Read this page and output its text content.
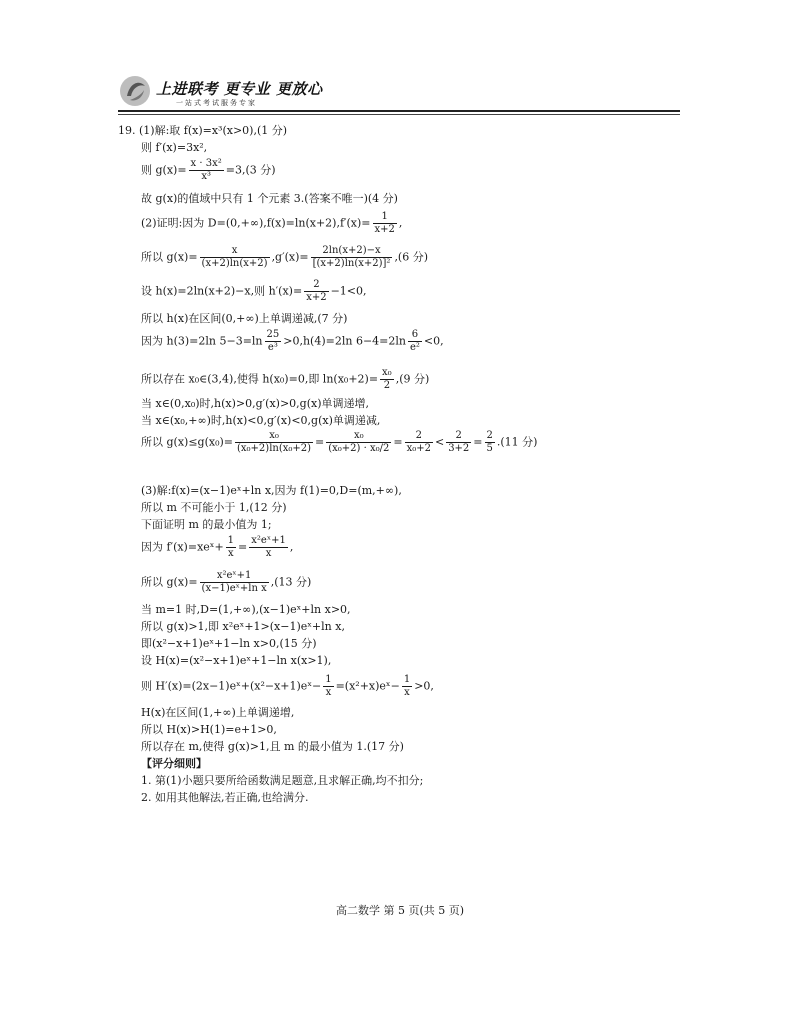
上进联考 更专业 更放心
一站式考试服务专家
19. (1)解:取 f(x)=x³(x>0),(1 分)
则 f′(x)=3x²,
则 $g(x)= \frac{\text{x · 3x²}}{\text{x³}} =3,(3$ 分)
故 g(x)的值域中只有 1 个元素 3.(答案不唯一)(4 分)
(2)证明:因为 $D=(0,+\infty),f(x)=\ln(x+2),f'(x)= \frac{1}{x+2}$ ,
所以 $g(x)= \frac{x}{(x+2)\ln(x+2)} ,g'(x)= \frac{2\ln(x+2)-x}{\text{[(x+2)ln(x+2)]²}} ,(6$ 分)
设 h(x)=2ln(x+2)−x,则 $h'(x)= \frac{2}{x+2} -1<0$,
所以 h(x)在区间(0,+∞)上单调递减,(7 分)
因为 h(3)=2ln $5-3=\ln \frac{25}{\text{e³}} >0,h(4)=2\ln$ $6-4=2\ln \frac{6}{\text{e²}} <0$,
所以存在 x₀∈(3,4),使得 h(x₀)=0,即 $\ln(x_0+2)= \frac{\text{x₀}}{2} ,(9$ 分)
当 x∈(0,x₀)时,h(x)>0,g′(x)>0,g(x)单调递增,
当 x∈(x₀,+∞)时,h(x)<0,g′(x)<0,g(x)单调递减,
所以 $g(x)\le g(x_0)= \frac{\text{x₀}}{\text{(x₀+2)ln(x₀+2)}} = \frac{\text{x₀}}{\text{(x₀+2) · x₀/2}} = \frac{2}{\text{x₀+2}} < \frac{2}{3+2} = \frac{2}{5} .(11$ 分)
(3)解:f(x)=(x−1)eˣ+ln x,因为 f(1)=0,D=(m,+∞),
所以 m 不可能小于 1,(12 分)
下面证明 m 的最小值为 1;
因为 f′(x)=xeˣ+ $\frac{1}{x} = \frac{\text{x²eˣ+1}}{x}$ ,
所以 $g(x)= \frac{\text{x²eˣ+1}}{\text{(x−1)eˣ+ln x}} ,(13$ 分)
当 m=1 时,D=(1,+∞),(x−1)eˣ+ln x>0,
所以 g(x)>1,即 x²eˣ+1>(x−1)eˣ+ln x,
即(x²−x+1)eˣ+1−ln x>0,(15 分)
设 H(x)=(x²−x+1)eˣ+1−ln x(x>1),
则 H′(x)=(2x−1)eˣ+(x²−x+1)eˣ− $\frac{1}{x}$ =(x²+x)eˣ− $\frac{1}{x} >0$,
H(x)在区间(1,+∞)上单调递增,
所以 H(x)>H(1)=e+1>0,
所以存在 m,使得 g(x)>1,且 m 的最小值为 1.(17 分)
【评分细则】
1. 第(1)小题只要所给函数满足题意,且求解正确,均不扣分;
2. 如用其他解法,若正确,也给满分.
高二数学 第 5 页(共 5 页)
